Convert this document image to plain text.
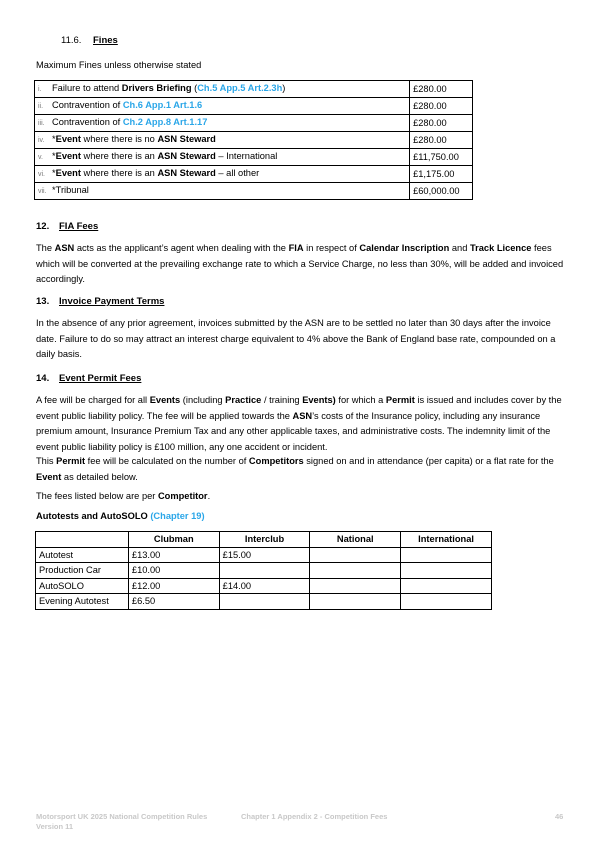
11.6. Fines
Maximum Fines unless otherwise stated
i. Failure to attend Drivers Briefing (Ch.5 App.5 Art.2.3h)	£280.00
ii. Contravention of Ch.6 App.1 Art.1.6	£280.00
iii. Contravention of Ch.2 App.8 Art.1.17	£280.00
iv. *Event where there is no ASN Steward	£280.00
v. *Event where there is an ASN Steward – International	£11,750.00
vi. *Event where there is an ASN Steward – all other	£1,175.00
vii. *Tribunal	£60,000.00
12. FIA Fees
The ASN acts as the applicant’s agent when dealing with the FIA in respect of Calendar Inscription and Track Licence fees which will be converted at the prevailing exchange rate to which a Service Charge, no less than 30%, will be added and invoiced accordingly.
13. Invoice Payment Terms
In the absence of any prior agreement, invoices submitted by the ASN are to be settled no later than 30 days after the invoice date. Failure to do so may attract an interest charge equivalent to 4% above the Bank of England base rate, compounded on a daily basis.
14. Event Permit Fees
A fee will be charged for all Events (including Practice / training Events) for which a Permit is issued and includes cover by the event public liability policy. The fee will be applied towards the ASN’s costs of the Insurance policy, including any insurance premium amount, Insurance Premium Tax and any other applicable taxes, and administrative costs. The indemnity limit of the event public liability policy is £100 million, any one accident or incident.
This Permit fee will be calculated on the number of Competitors signed on and in attendance (per capita) or a flat rate for the Event as detailed below.
The fees listed below are per Competitor.
Autotests and AutoSOLO (Chapter 19)
	Clubman	Interclub	National	International
Autotest	£13.00	£15.00		
Production Car	£10.00			
AutoSOLO	£12.00	£14.00		
Evening Autotest	£6.50			
Motorsport UK 2025 National Competition Rules
Version 11
Chapter 1 Appendix 2 - Competition Fees	46
